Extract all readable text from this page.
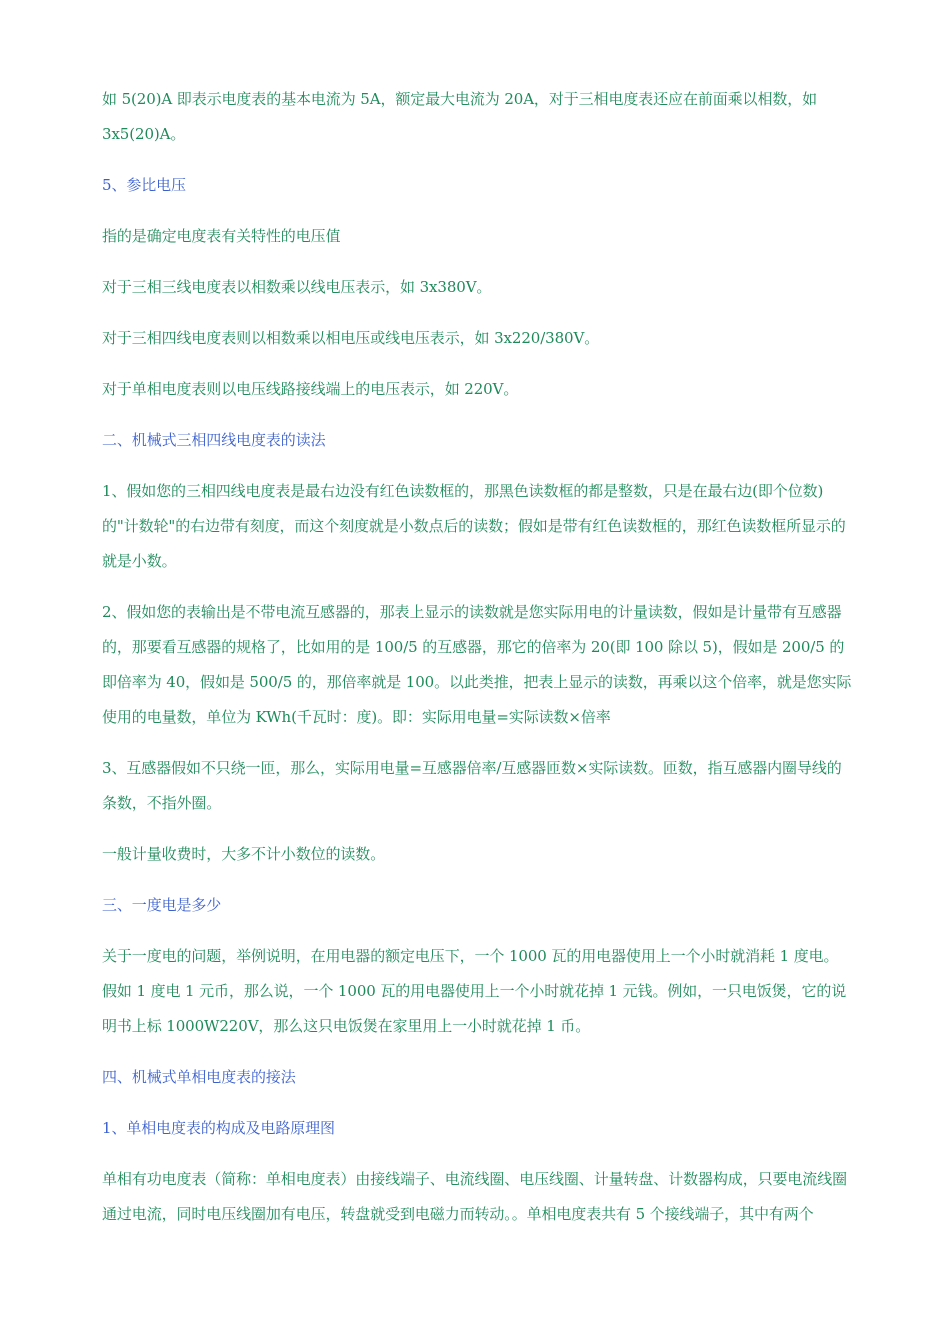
如 5(20)A 即表示电度表的基本电流为 5A，额定最大电流为 20A，对于三相电度表还应在前面乘以相数，如 3x5(20)A。

5、参比电压

指的是确定电度表有关特性的电压值

对于三相三线电度表以相数乘以线电压表示，如 3x380V。

对于三相四线电度表则以相数乘以相电压或线电压表示，如 3x220/380V。

对于单相电度表则以电压线路接线端上的电压表示，如 220V。

二、机械式三相四线电度表的读法

1、假如您的三相四线电度表是最右边没有红色读数框的，那黑色读数框的都是整数，只是在最右边(即个位数)的"计数轮"的右边带有刻度，而这个刻度就是小数点后的读数；假如是带有红色读数框的，那红色读数框所显示的就是小数。

2、假如您的表输出是不带电流互感器的，那表上显示的读数就是您实际用电的计量读数，假如是计量带有互感器的，那要看互感器的规格了，比如用的是 100/5 的互感器，那它的倍率为 20(即 100 除以 5)，假如是 200/5 的即倍率为 40，假如是 500/5 的，那倍率就是 100。以此类推，把表上显示的读数，再乘以这个倍率，就是您实际使用的电量数，单位为 KWh(千瓦时：度)。即：实际用电量=实际读数×倍率

3、互感器假如不只绕一匝，那么，实际用电量=互感器倍率/互感器匝数×实际读数。匝数，指互感器内圈导线的条数，不指外圈。

一般计量收费时，大多不计小数位的读数。

三、一度电是多少

关于一度电的问题，举例说明，在用电器的额定电压下，一个 1000 瓦的用电器使用上一个小时就消耗 1 度电。假如 1 度电 1 元币，那么说，一个 1000 瓦的用电器使用上一个小时就花掉 1 元钱。例如，一只电饭煲，它的说明书上标 1000W220V，那么这只电饭煲在家里用上一小时就花掉 1 币。

四、机械式单相电度表的接法

1、单相电度表的构成及电路原理图

单相有功电度表（简称：单相电度表）由接线端子、电流线圈、电压线圈、计量转盘、计数器构成，只要电流线圈通过电流，同时电压线圈加有电压，转盘就受到电磁力而转动。。单相电度表共有 5 个接线端子，其中有两个
